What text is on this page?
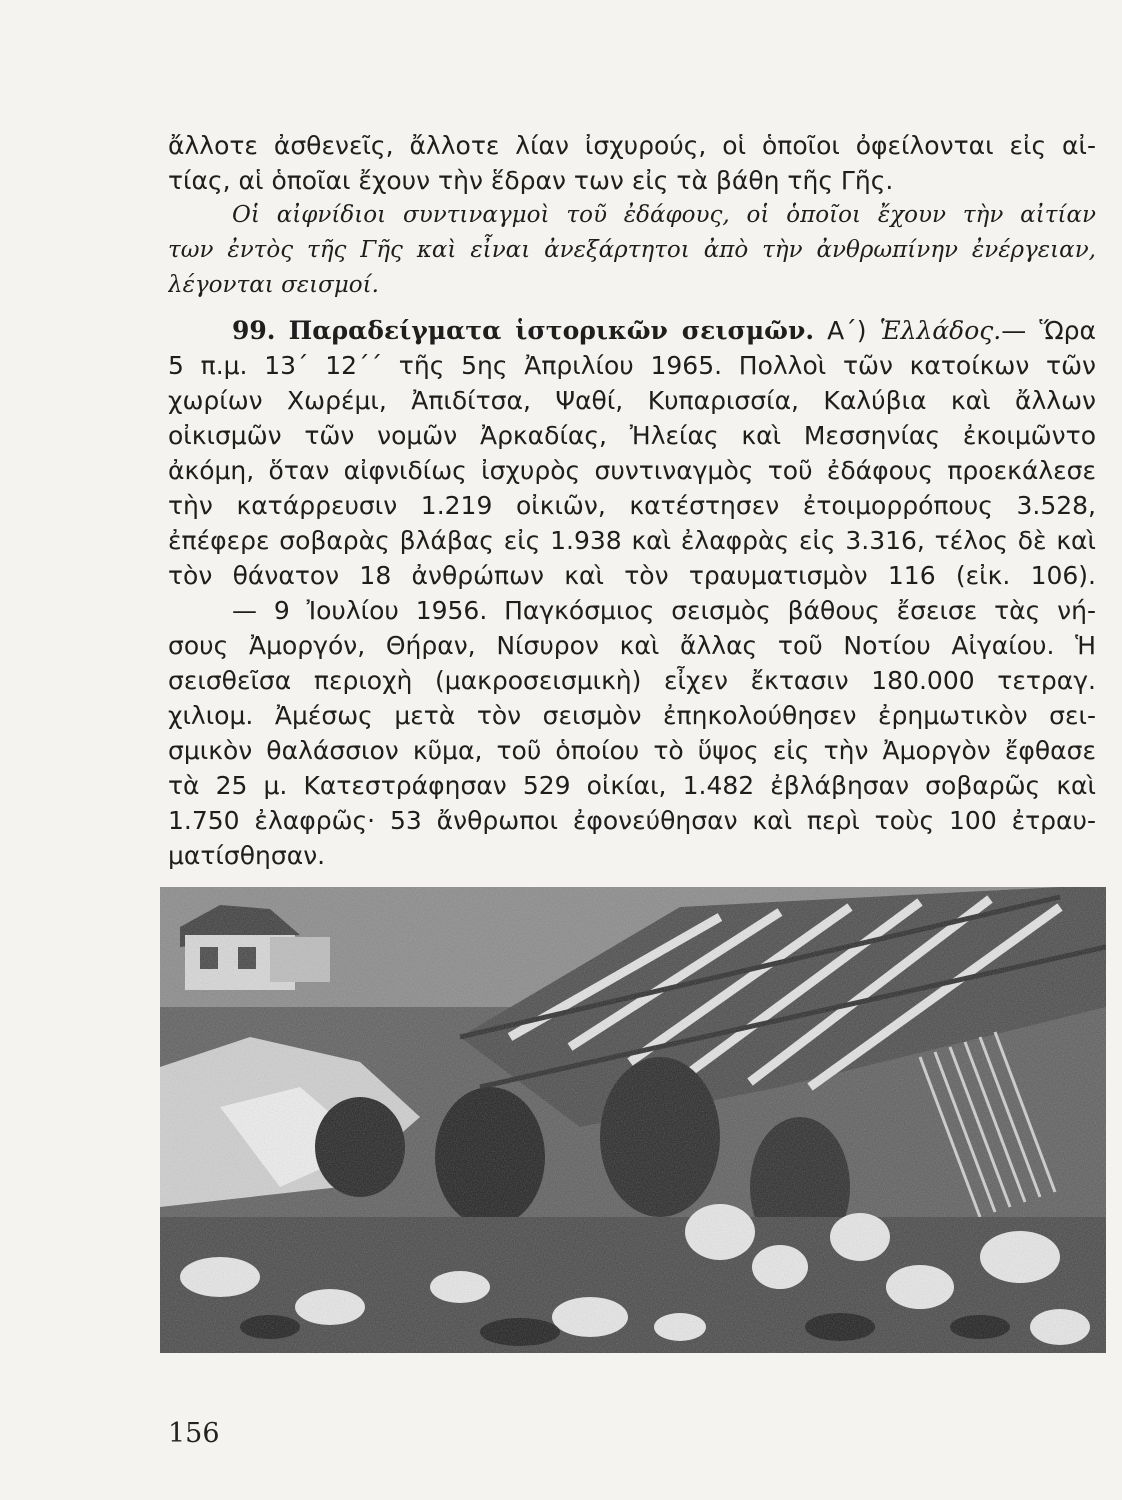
ἄλλοτε ἀσθενεῖς, ἄλλοτε λίαν ἰσχυρούς, οἱ ὁποῖοι ὀφείλονται εἰς αἰ-
τίας, αἱ ὁποῖαι ἔχουν τὴν ἕδραν των εἰς τὰ βάθη τῆς Γῆς.
Οἱ αἰφνίδιοι συντιναγμοὶ τοῦ ἐδάφους, οἱ ὁποῖοι ἔχουν τὴν αἰτίαν
των ἐντὸς τῆς Γῆς καὶ εἶναι ἀνεξάρτητοι ἀπὸ τὴν ἀνθρωπίνην ἐνέργειαν,
λέγονται σεισμοί.
99. Παραδείγματα ἱστορικῶν σεισμῶν. Α΄) Ἑλλάδος.— Ὥρα
5 π.μ. 13΄ 12΄΄ τῆς 5ης Ἀπριλίου 1965. Πολλοὶ τῶν κατοίκων τῶν
χωρίων Χωρέμι, Ἀπιδίτσα, Ψαθί, Κυπαρισσία, Καλύβια καὶ ἄλλων
οἰκισμῶν τῶν νομῶν Ἀρκαδίας, Ἠλείας καὶ Μεσσηνίας ἐκοιμῶντο
ἀκόμη, ὅταν αἰφνιδίως ἰσχυρὸς συντιναγμὸς τοῦ ἐδάφους προεκάλεσε
τὴν κατάρρευσιν 1.219 οἰκιῶν, κατέστησεν ἐτοιμορρόπους 3.528,
ἐπέφερε σοβαρὰς βλάβας εἰς 1.938 καὶ ἐλαφρὰς εἰς 3.316, τέλος δὲ καὶ
τὸν θάνατον 18 ἀνθρώπων καὶ τὸν τραυματισμὸν 116 (εἰκ. 106).
— 9 Ἰουλίου 1956. Παγκόσμιος σεισμὸς βάθους ἔσεισε τὰς νή-
σους Ἀμοργόν, Θήραν, Νίσυρον καὶ ἄλλας τοῦ Νοτίου Αἰγαίου. Ἡ
σεισθεῖσα περιοχὴ (μακροσεισμικὴ) εἶχεν ἔκτασιν 180.000 τετραγ.
χιλιομ. Ἀμέσως μετὰ τὸν σεισμὸν ἐπηκολούθησεν ἐρημωτικὸν σει-
σμικὸν θαλάσσιον κῦμα, τοῦ ὁποίου τὸ ὕψος εἰς τὴν Ἀμοργὸν ἔφθασε
τὰ 25 μ. Κατεστράφησαν 529 οἰκίαι, 1.482 ἐβλάβησαν σοβαρῶς καὶ
1.750 ἐλαφρῶς· 53 ἄνθρωποι ἐφονεύθησαν καὶ περὶ τοὺς 100 ἐτραυ-
ματίσθησαν.
156
